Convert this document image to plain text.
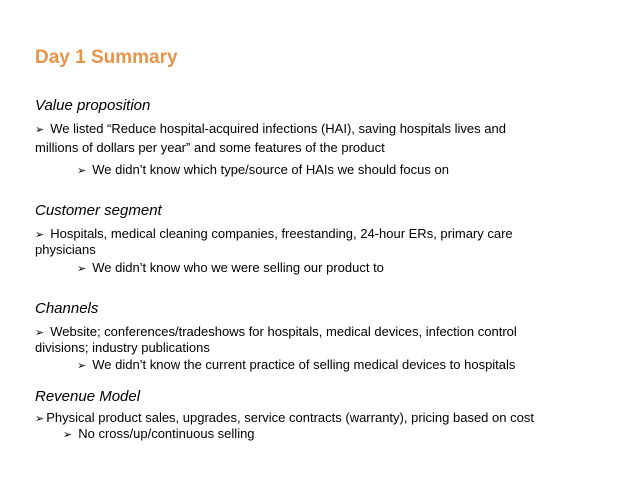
Day 1 Summary
Value proposition
➢ We listed “Reduce hospital-acquired infections (HAI), saving hospitals lives and
millions of dollars per year” and some features of the product
➢ We didn’t know which type/source of HAIs we should focus on
Customer segment
➢ Hospitals, medical cleaning companies, freestanding, 24-hour ERs, primary care
physicians
➢ We didn’t know who we were selling our product to
Channels
➢ Website; conferences/tradeshows for hospitals, medical devices, infection control
divisions; industry publications
➢ We didn’t know the current practice of selling medical devices to hospitals
Revenue Model
➢ Physical product sales, upgrades, service contracts (warranty), pricing based on cost
➢ No cross/up/continuous selling
